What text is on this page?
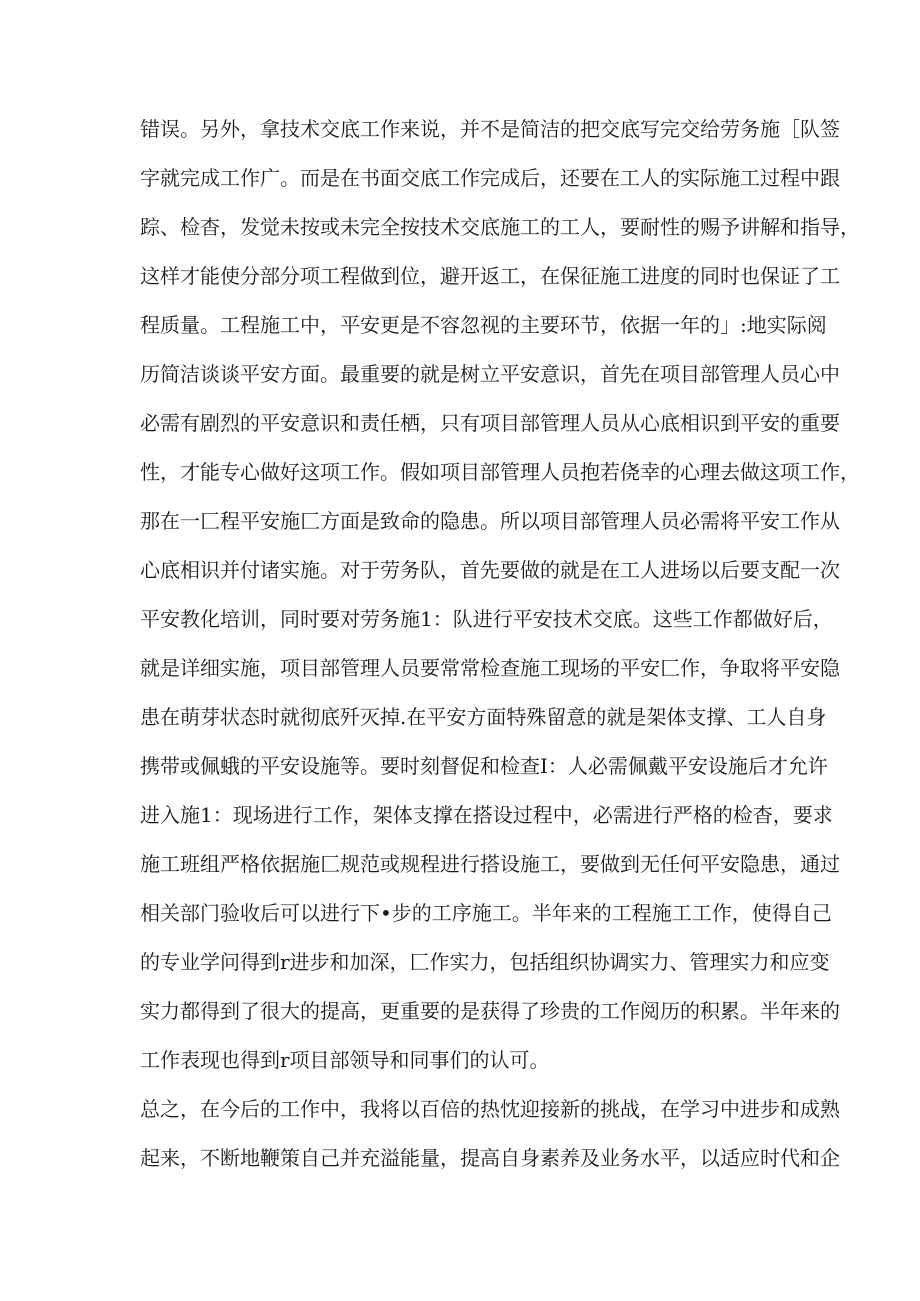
错误。另外，拿技术交底工作来说，并不是简洁的把交底写完交给劳务施［队签
字就完成工作广。而是在书面交底工作完成后，还要在工人的实际施工过程中跟
踪、检杳，发觉未按或未完全按技术交底施工的工人，要耐性的赐予讲解和指导，
这样才能使分部分项工程做到位，避开返工，在保征施工进度的同时也保证了工
程质量。工程施工中，平安更是不容忽视的主要环节，依据一年的」:地实际阅
历简洁谈谈平安方面。最重要的就是树立平安意识，首先在项目部管理人员心中
必需有剧烈的平安意识和责任栖，只有项目部管理人员从心底相识到平安的重要
性，才能专心做好这项工作。假如项目部管理人员抱若侥幸的心理去做这项工作，
那在一匚程平安施匚方面是致命的隐患。所以项目部管理人员必需将平安工作从
心底相识并付诸实施。对于劳务队，首先要做的就是在工人进场以后要支配一次
平安教化培训，同时要对劳务施1：队进行平安技术交底。这些工作都做好后，
就是详细实施，项目部管理人员要常常检查施工现场的平安匚作，争取将平安隐
患在萌芽状态时就彻底歼灭掉.在平安方面特殊留意的就是架体支撑、工人自身
携带或佩蛾的平安设施等。要时刻督促和检查I：人必需佩戴平安设施后才允许
进入施1：现场进行工作，架体支撑在搭设过程中，必需进行严格的检杳，要求
施工班组严格依据施匚规范或规程进行搭设施工，要做到无任何平安隐患，通过
相关部门验收后可以进行下•步的工序施工。半年来的工程施工工作，使得自己
的专业学问得到r进步和加深，匚作实力，包括组织协调实力、管理实力和应变
实力都得到了很大的提高，更重要的是获得了珍贵的工作阅历的积累。半年来的
工作表现也得到r项目部领导和同事们的认可。
总之，在今后的工作中，我将以百倍的热忱迎接新的挑战，在学习中进步和成熟
起来，不断地鞭策自己并充溢能量，提高自身素养及业务水平，以适应时代和企
